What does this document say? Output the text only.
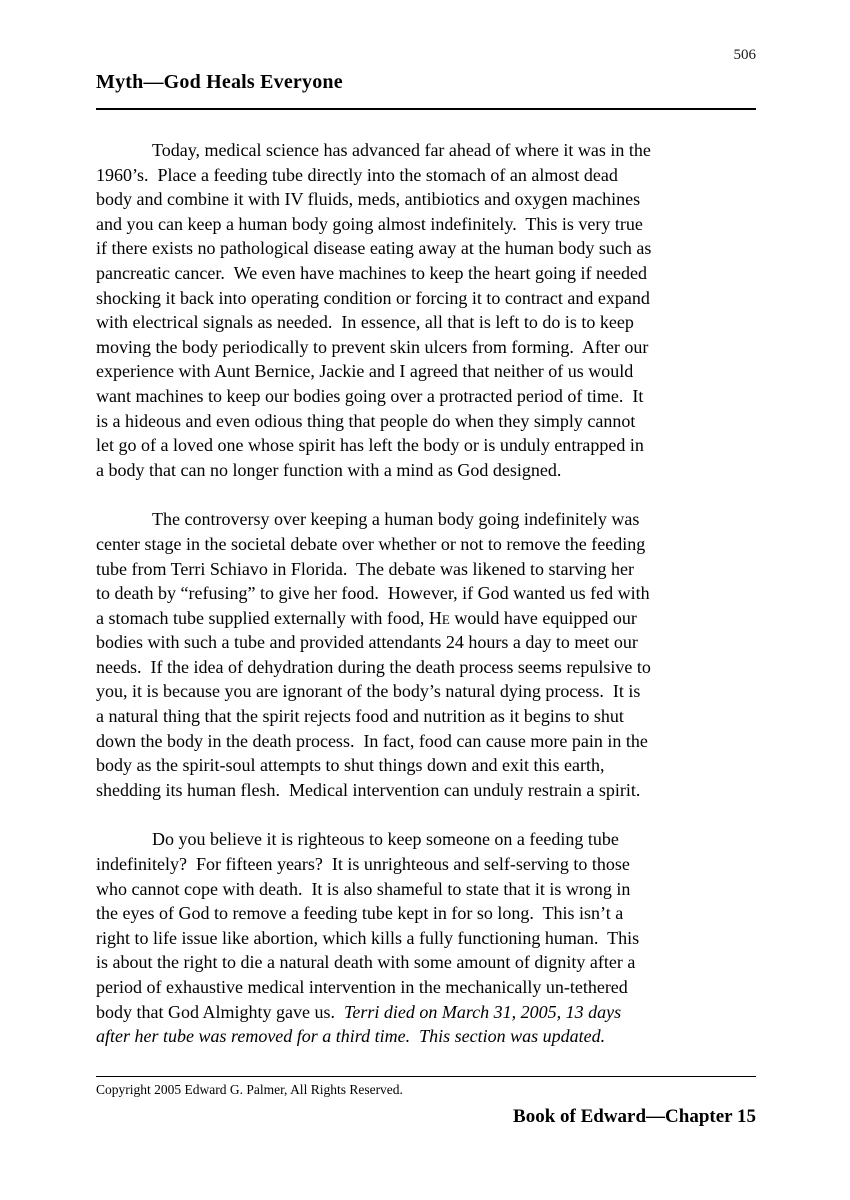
506
Myth—God Heals Everyone
Today, medical science has advanced far ahead of where it was in the
1960’s.  Place a feeding tube directly into the stomach of an almost dead
body and combine it with IV fluids, meds, antibiotics and oxygen machines
and you can keep a human body going almost indefinitely.  This is very true
if there exists no pathological disease eating away at the human body such as
pancreatic cancer.  We even have machines to keep the heart going if needed
shocking it back into operating condition or forcing it to contract and expand
with electrical signals as needed.  In essence, all that is left to do is to keep
moving the body periodically to prevent skin ulcers from forming.  After our
experience with Aunt Bernice, Jackie and I agreed that neither of us would
want machines to keep our bodies going over a protracted period of time.  It
is a hideous and even odious thing that people do when they simply cannot
let go of a loved one whose spirit has left the body or is unduly entrapped in
a body that can no longer function with a mind as God designed.
The controversy over keeping a human body going indefinitely was
center stage in the societal debate over whether or not to remove the feeding
tube from Terri Schiavo in Florida.  The debate was likened to starving her
to death by “refusing” to give her food.  However, if God wanted us fed with
a stomach tube supplied externally with food, He would have equipped our
bodies with such a tube and provided attendants 24 hours a day to meet our
needs.  If the idea of dehydration during the death process seems repulsive to
you, it is because you are ignorant of the body’s natural dying process.  It is
a natural thing that the spirit rejects food and nutrition as it begins to shut
down the body in the death process.  In fact, food can cause more pain in the
body as the spirit-soul attempts to shut things down and exit this earth,
shedding its human flesh.  Medical intervention can unduly restrain a spirit.
Do you believe it is righteous to keep someone on a feeding tube
indefinitely?  For fifteen years?  It is unrighteous and self-serving to those
who cannot cope with death.  It is also shameful to state that it is wrong in
the eyes of God to remove a feeding tube kept in for so long.  This isn’t a
right to life issue like abortion, which kills a fully functioning human.  This
is about the right to die a natural death with some amount of dignity after a
period of exhaustive medical intervention in the mechanically un-tethered
body that God Almighty gave us.  Terri died on March 31, 2005, 13 days
after her tube was removed for a third time.  This section was updated.
Copyright 2005 Edward G. Palmer, All Rights Reserved.
Book of Edward—Chapter 15
